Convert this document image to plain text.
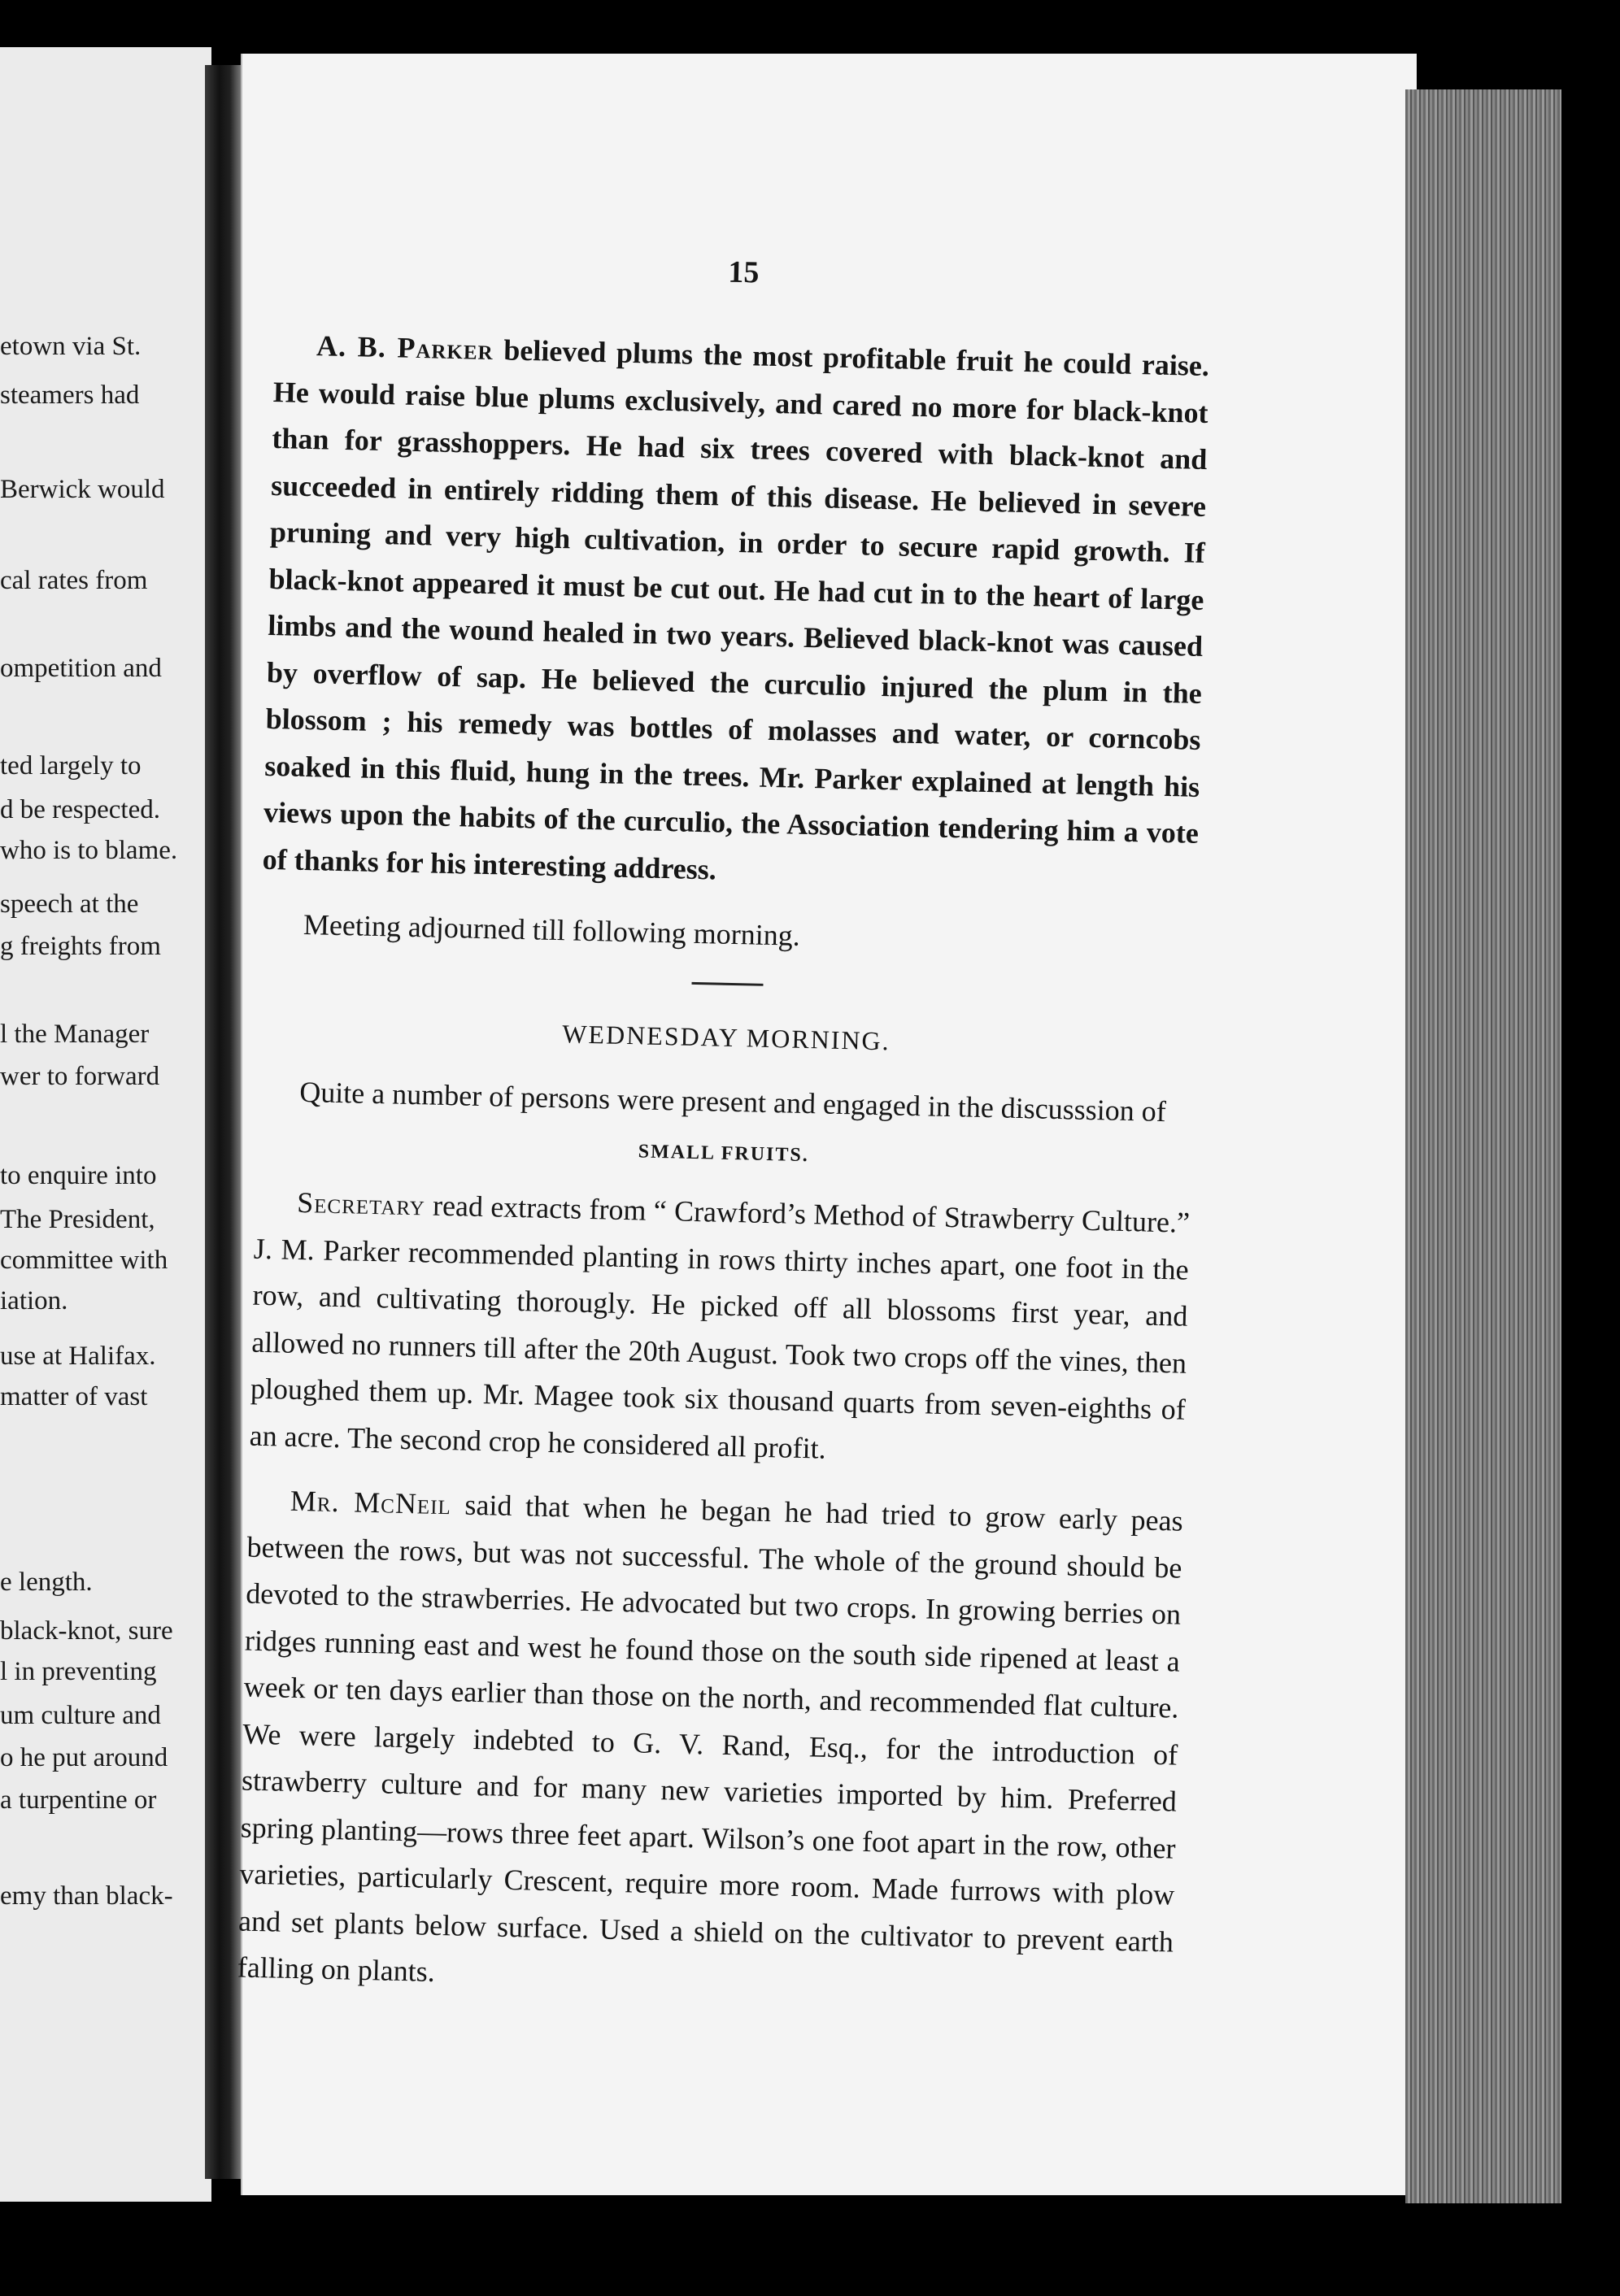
etown via St.
steamers had
Berwick would
cal rates from
ompetition and
ted largely to
d be respected.
who is to blame.
speech at the
g freights from
l the Manager
wer to forward
to enquire into
The President,
committee with
iation.
use at Halifax.
matter of vast
e length.
black-knot, sure
l in preventing
um culture and
o he put around
a turpentine or
emy than black-
15

A. B. Parker believed plums the most profitable fruit he could raise. He would raise blue plums exclusively, and cared no more for black-knot than for grasshoppers. He had six trees covered with black-knot and succeeded in entirely ridding them of this disease. He believed in severe pruning and very high cultivation, in order to secure rapid growth. If black-knot appeared it must be cut out. He had cut in to the heart of large limbs and the wound healed in two years. Believed black-knot was caused by overflow of sap. He believed the curculio injured the plum in the blossom ; his remedy was bottles of molasses and water, or corncobs soaked in this fluid, hung in the trees. Mr. Parker explained at length his views upon the habits of the curculio, the Association tendering him a vote of thanks for his interesting address.

Meeting adjourned till following morning.

WEDNESDAY MORNING.

Quite a number of persons were present and engaged in the discusssion of

SMALL FRUITS.

Secretary read extracts from “ Crawford’s Method of Strawberry Culture.” J. M. Parker recommended planting in rows thirty inches apart, one foot in the row, and cultivating thorougly. He picked off all blossoms first year, and allowed no runners till after the 20th August. Took two crops off the vines, then ploughed them up. Mr. Magee took six thousand quarts from seven-eighths of an acre. The second crop he considered all profit.

Mr. McNeil said that when he began he had tried to grow early peas between the rows, but was not successful. The whole of the ground should be devoted to the strawberries. He advocated but two crops. In growing berries on ridges running east and west he found those on the south side ripened at least a week or ten days earlier than those on the north, and recommended flat culture. We were largely indebted to G. V. Rand, Esq., for the introduction of strawberry culture and for many new varieties imported by him. Preferred spring planting—rows three feet apart. Wilson’s one foot apart in the row, other varieties, particularly Crescent, require more room. Made furrows with plow and set plants below surface. Used a shield on the cultivator to prevent earth falling on plants.
